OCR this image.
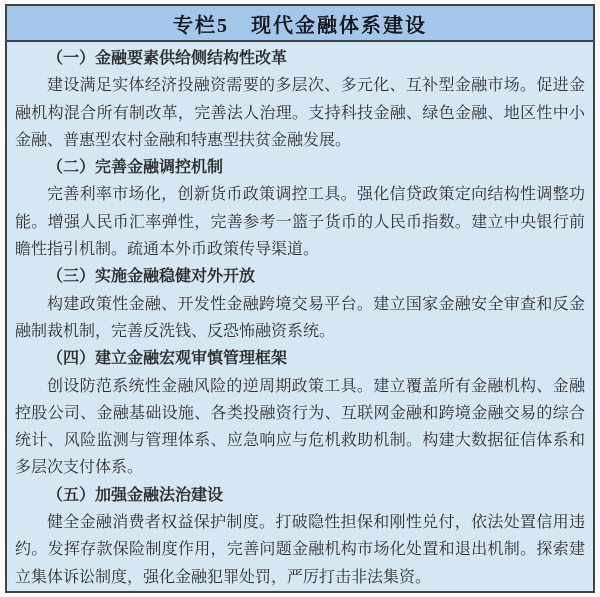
专栏5　现代金融体系建设

（一）金融要素供给侧结构性改革

建设满足实体经济投融资需要的多层次、多元化、互补型金融市场。促进金融机构混合所有制改革，完善法人治理。支持科技金融、绿色金融、地区性中小金融、普惠型农村金融和特惠型扶贫金融发展。

（二）完善金融调控机制

完善利率市场化，创新货币政策调控工具。强化信贷政策定向结构性调整功能。增强人民币汇率弹性，完善参考一篮子货币的人民币指数。建立中央银行前瞻性指引机制。疏通本外币政策传导渠道。

（三）实施金融稳健对外开放

构建政策性金融、开发性金融跨境交易平台。建立国家金融安全审查和反金融制裁机制，完善反洗钱、反恐怖融资系统。

（四）建立金融宏观审慎管理框架

创设防范系统性金融风险的逆周期政策工具。建立覆盖所有金融机构、金融控股公司、金融基础设施、各类投融资行为、互联网金融和跨境金融交易的综合统计、风险监测与管理体系、应急响应与危机救助机制。构建大数据征信体系和多层次支付体系。

（五）加强金融法治建设

健全金融消费者权益保护制度。打破隐性担保和刚性兑付，依法处置信用违约。发挥存款保险制度作用，完善问题金融机构市场化处置和退出机制。探索建立集体诉讼制度，强化金融犯罪处罚，严厉打击非法集资。
